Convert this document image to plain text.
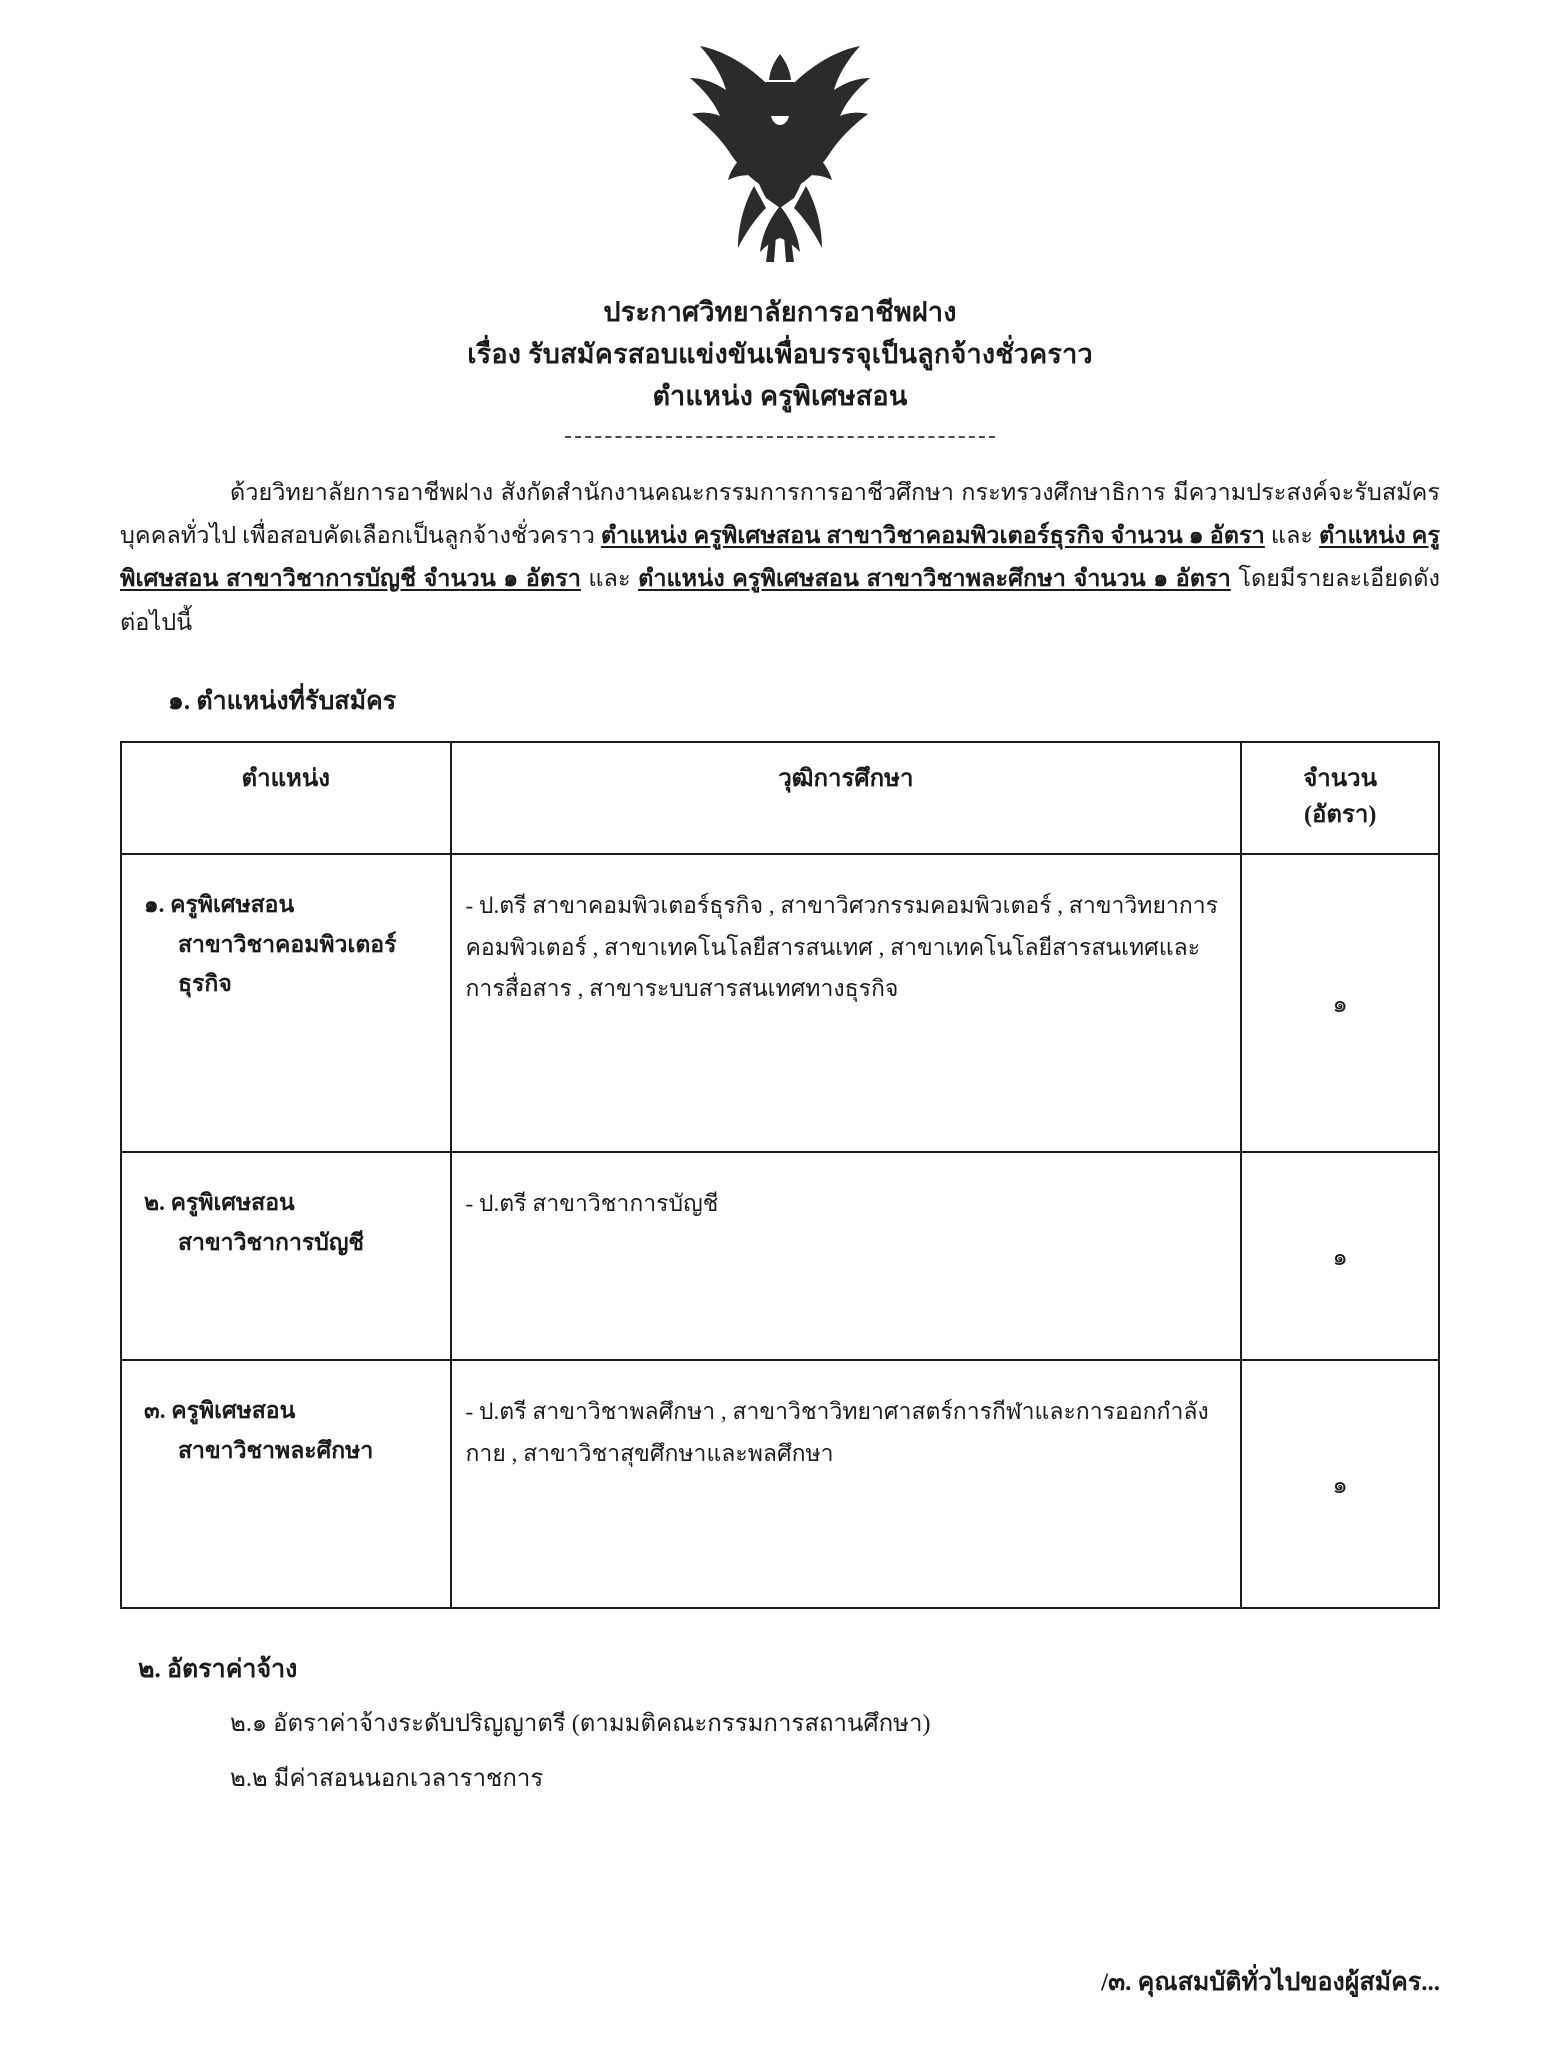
ประกาศวิทยาลัยการอาชีพฝาง
เรื่อง รับสมัครสอบแข่งขันเพื่อบรรจุเป็นลูกจ้างชั่วคราว
ตำแหน่ง ครูพิเศษสอน

ด้วยวิทยาลัยการอาชีพฝาง สังกัดสำนักงานคณะกรรมการการอาชีวศึกษา กระทรวงศึกษาธิการ มีความประสงค์จะรับสมัครบุคคลทั่วไป เพื่อสอบคัดเลือกเป็นลูกจ้างชั่วคราว ตำแหน่ง ครูพิเศษสอน สาขาวิชาคอมพิวเตอร์ธุรกิจ จำนวน ๑ อัตรา และ ตำแหน่ง ครูพิเศษสอน สาขาวิชาการบัญชี จำนวน ๑ อัตรา และ ตำแหน่ง ครูพิเศษสอน สาขาวิชาพละศึกษา จำนวน ๑ อัตรา โดยมีรายละเอียดดังต่อไปนี้

๑. ตำแหน่งที่รับสมัคร
ตำแหน่ง	วุฒิการศึกษา	จำนวน
(อัตรา)

๑. ครูพิเศษสอน
สาขาวิชาคอมพิวเตอร์ธุรกิจ	- ป.ตรี สาขาคอมพิวเตอร์ธุรกิจ , สาขาวิศวกรรมคอมพิวเตอร์ , สาขาวิทยาการคอมพิวเตอร์ , สาขาเทคโนโลยีสารสนเทศ , สาขาเทคโนโลยีสารสนเทศและการสื่อสาร , สาขาระบบสารสนเทศทางธุรกิจ	๑

๒. ครูพิเศษสอน
สาขาวิชาการบัญชี	- ป.ตรี สาขาวิชาการบัญชี	๑

๓. ครูพิเศษสอน
สาขาวิชาพละศึกษา	- ป.ตรี สาขาวิชาพลศึกษา , สาขาวิชาวิทยาศาสตร์การกีฬาและการออกกำลังกาย , สาขาวิชาสุขศึกษาและพลศึกษา	๑
๒. อัตราค่าจ้าง
๒.๑ อัตราค่าจ้างระดับปริญญาตรี (ตามมติคณะกรรมการสถานศึกษา)
๒.๒ มีค่าสอนนอกเวลาราชการ
/๓. คุณสมบัติทั่วไปของผู้สมัคร...
